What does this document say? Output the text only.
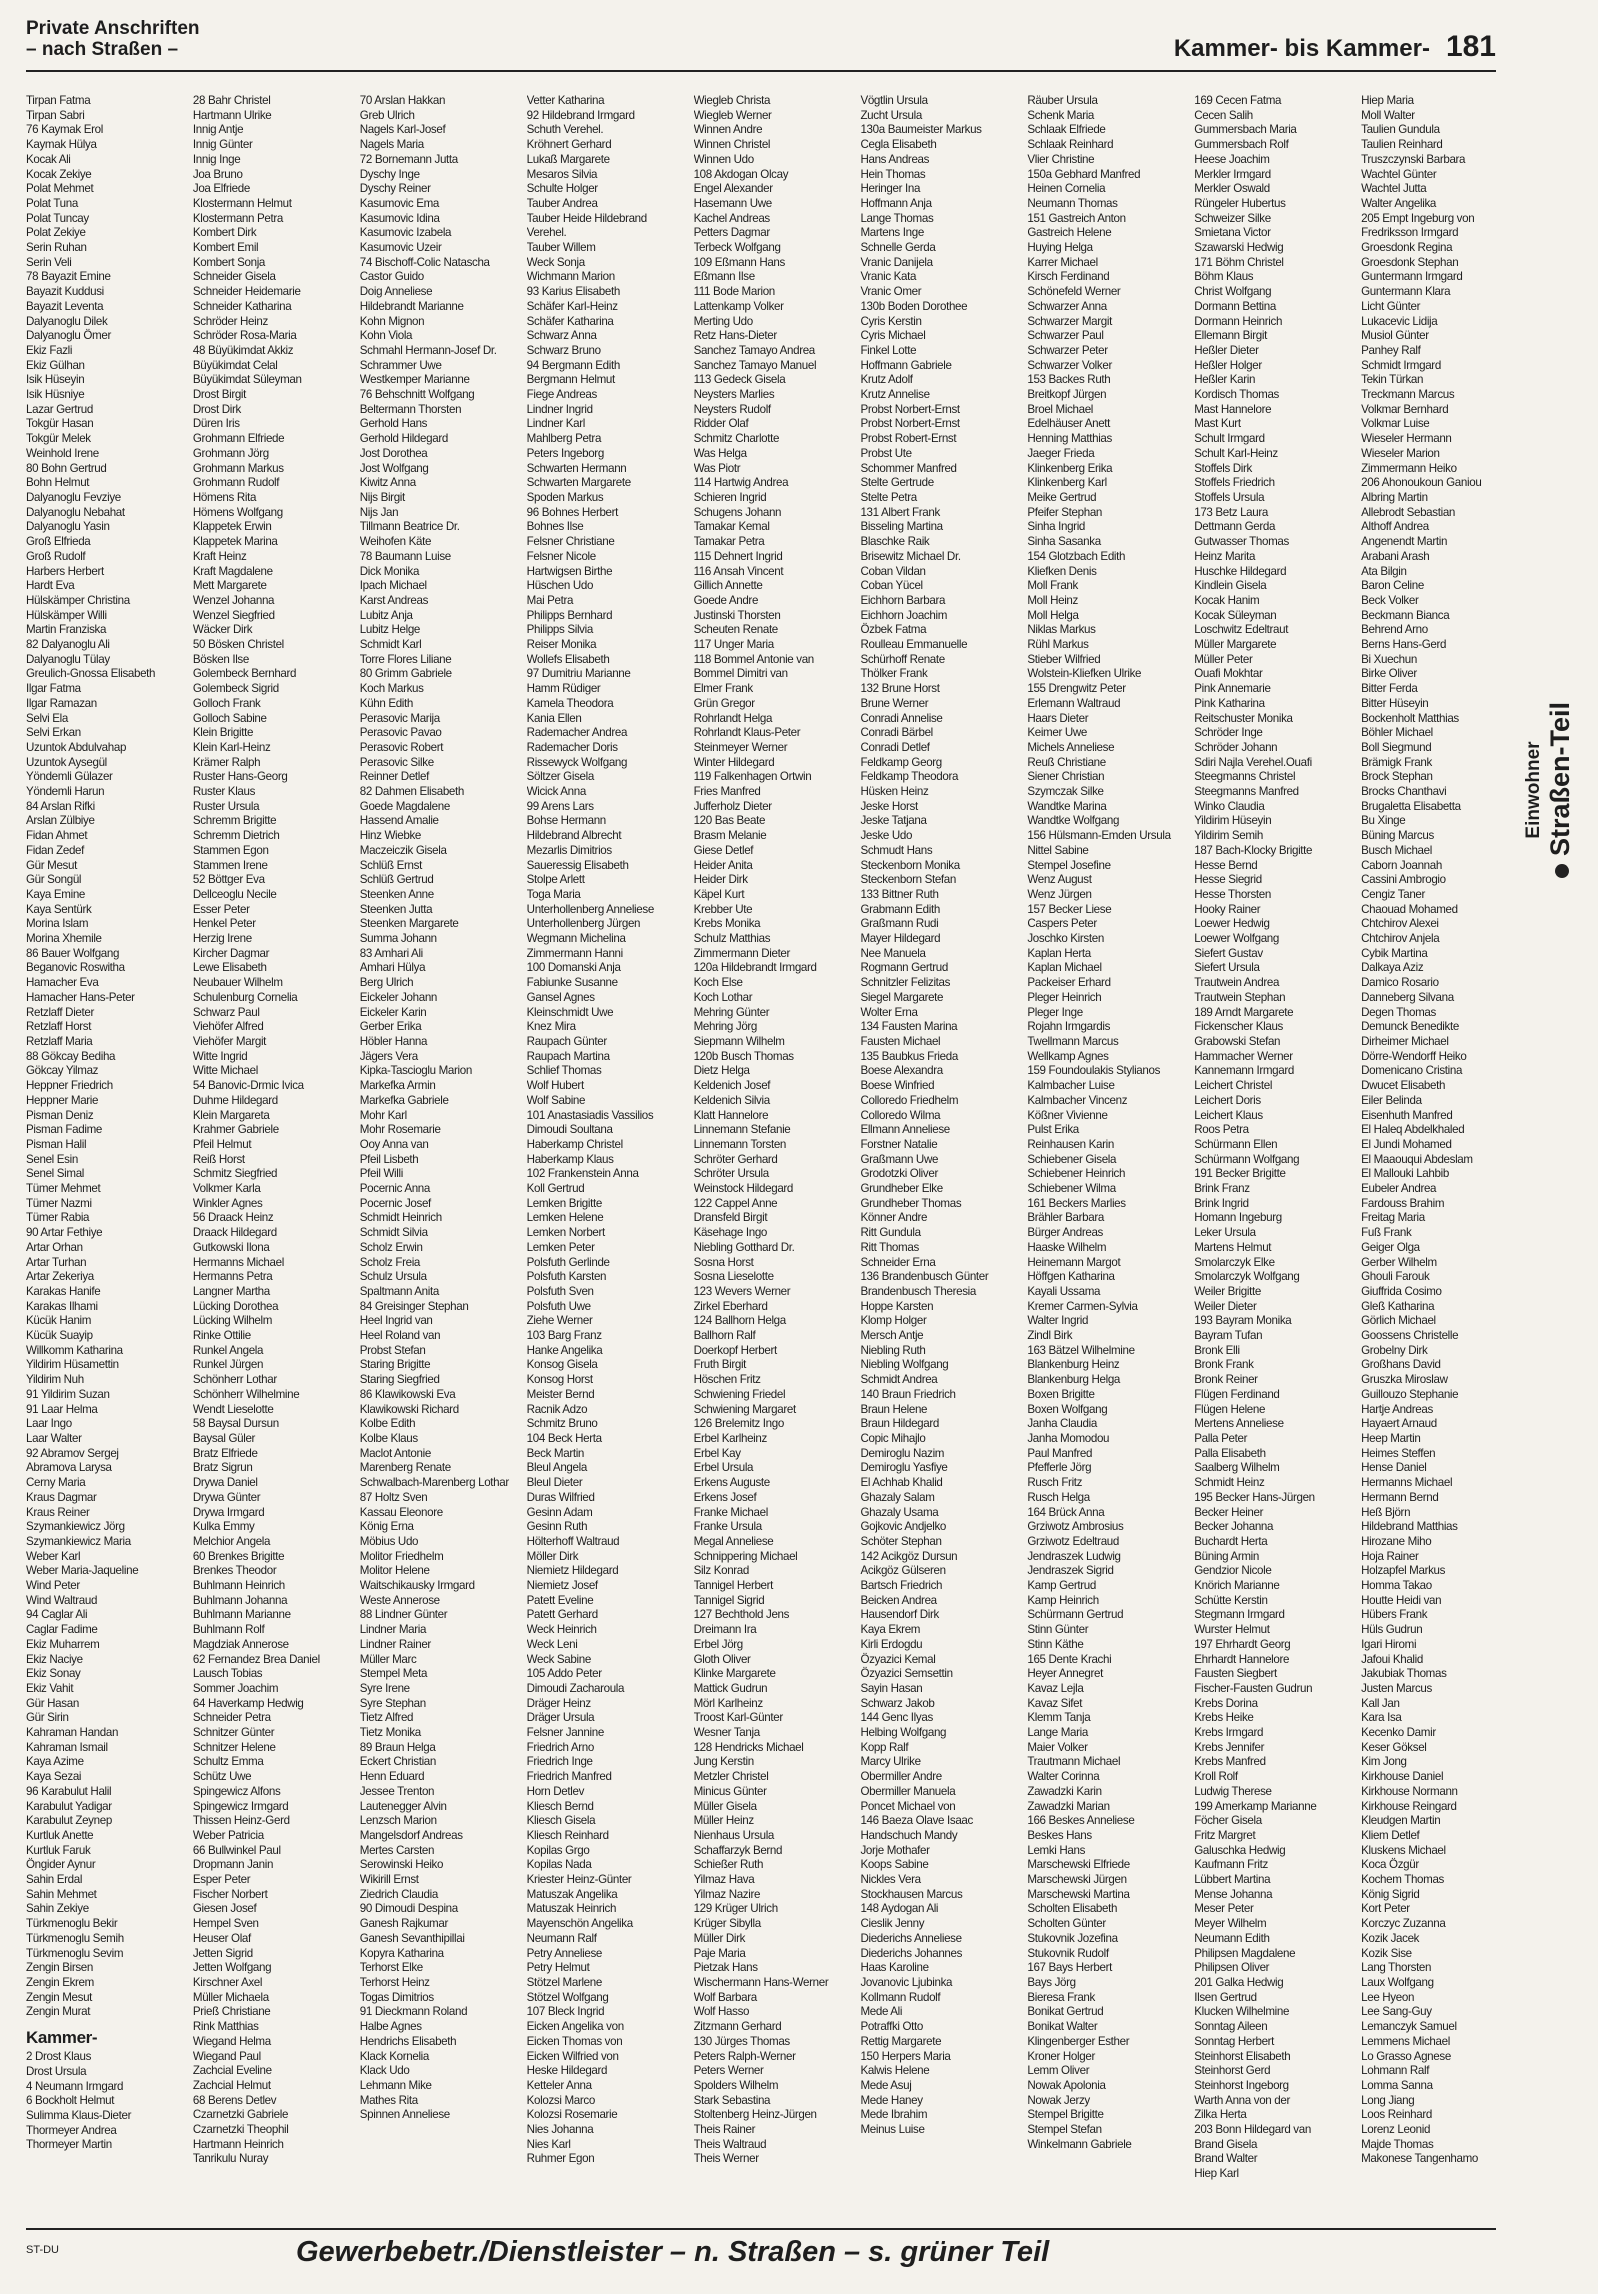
Private Anschriften
– nach Straßen –	Kammer- bis Kammer- 181
Tirpan Fatma
Tirpan Sabri
76 Kaymak Erol
Kaymak Hülya
Kocak Ali
Kocak Zekiye
Polat Mehmet
Polat Tuna
Polat Tuncay
Polat Zekiye
Serin Ruhan
Serin Veli
78 Bayazit Emine
Bayazit Kuddusi
Bayazit Leventa
Dalyanoglu Dilek
Dalyanoglu Ömer
Ekiz Fazli
Ekiz Gülhan
Isik Hüseyin
Isik Hüsniye
Lazar Gertrud
Tokgür Hasan
Tokgür Melek
Weinhold Irene
80 Bohn Gertrud
Bohn Helmut
Dalyanoglu Fevziye
Dalyanoglu Nebahat
Dalyanoglu Yasin
Groß Elfrieda
Groß Rudolf
Harbers Herbert
Hardt Eva
Hülskämper Christina
Hülskämper Willi
Martin Franziska
82 Dalyanoglu Ali
Dalyanoglu Tülay
Greulich-Gnossa Elisabeth
Ilgar Fatma
Ilgar Ramazan
Selvi Ela
Selvi Erkan
Uzuntok Abdulvahap
Uzuntok Aysegül
Yöndemli Gülazer
Yöndemli Harun
84 Arslan Rifki
Arslan Zülbiye
Fidan Ahmet
Fidan Zedef
Gür Mesut
Gür Songül
Kaya Emine
Kaya Sentürk
Morina Islam
Morina Xhemile
86 Bauer Wolfgang
Beganovic Roswitha
Hamacher Eva
Hamacher Hans-Peter
Retzlaff Dieter
Retzlaff Horst
Retzlaff Maria
88 Gökcay Bediha
Gökcay Yilmaz
Heppner Friedrich
Heppner Marie
Pisman Deniz
Pisman Fadime
Pisman Halil
Senel Esin
Senel Simal
Tümer Mehmet
Tümer Nazmi
Tümer Rabia
90 Artar Fethiye
Artar Orhan
Artar Turhan
Artar Zekeriya
Karakas Hanife
Karakas Ilhami
Kücük Hanim
Kücük Suayip
Willkomm Katharina
Yildirim Hüsamettin
Yildirim Nuh
91 Yildirim Suzan
91 Laar Helma
Laar Ingo
Laar Walter
92 Abramov Sergej
Abramova Larysa
Cerny Maria
Kraus Dagmar
Kraus Reiner
Szymankiewicz Jörg
Szymankiewicz Maria
Weber Karl
Weber Maria-Jaqueline
Wind Peter
Wind Waltraud
94 Caglar Ali
Caglar Fadime
Ekiz Muharrem
Ekiz Naciye
Ekiz Sonay
Ekiz Vahit
Gür Hasan
Gür Sirin
Kahraman Handan
Kahraman Ismail
Kaya Azime
Kaya Sezai
96 Karabulut Halil
Karabulut Yadigar
Karabulut Zeynep
Kurtluk Anette
Kurtluk Faruk
Öngider Aynur
Sahin Erdal
Sahin Mehmet
Sahin Zekiye
Türkmenoglu Bekir
Türkmenoglu Semih
Türkmenoglu Sevim
Zengin Birsen
Zengin Ekrem
Zengin Mesut
Zengin Murat
Kammer-
2 Drost Klaus
Drost Ursula
4 Neumann Irmgard
6 Bockholt Helmut
Sulimma Klaus-Dieter
Thormeyer Andrea
Thormeyer Martin
28 Bahr Christel
Hartmann Ulrike
Innig Antje
Innig Günter
Innig Inge
Joa Bruno
Joa Elfriede
Klostermann Helmut
Klostermann Petra
Kombert Dirk
Kombert Emil
Kombert Sonja
Schneider Gisela
Schneider Heidemarie
Schneider Katharina
Schröder Heinz
Schröder Rosa-Maria
48 Büyükimdat Akkiz
Büyükimdat Celal
Büyükimdat Süleyman
Drost Birgit
Drost Dirk
Düren Iris
Grohmann Elfriede
Grohmann Jörg
Grohmann Markus
Grohmann Rudolf
Hömens Rita
Hömens Wolfgang
Klappetek Erwin
Klappetek Marina
Kraft Heinz
Kraft Magdalene
Mett Margarete
Wenzel Johanna
Wenzel Siegfried
Wäcker Dirk
50 Bösken Christel
Bösken Ilse
Golembeck Bernhard
Golembeck Sigrid
Golloch Frank
Golloch Sabine
Klein Brigitte
Klein Karl-Heinz
Krämer Ralph
Ruster Hans-Georg
Ruster Klaus
Ruster Ursula
Schremm Brigitte
Schremm Dietrich
Stammen Egon
Stammen Irene
52 Böttger Eva
Dellceoglu Necile
Esser Peter
Henkel Peter
Herzig Irene
Kircher Dagmar
Lewe Elisabeth
Neubauer Wilhelm
Schulenburg Cornelia
Schwarz Paul
Viehöfer Alfred
Viehöfer Margit
Witte Ingrid
Witte Michael
54 Banovic-Drmic Ivica
Duhme Hildegard
Klein Margareta
Krahmer Gabriele
Pfeil Helmut
Reiß Horst
Schmitz Siegfried
Volkmer Karla
Winkler Agnes
56 Draack Heinz
Draack Hildegard
Gutkowski Ilona
Hermanns Michael
Hermanns Petra
Langner Martha
Lücking Dorothea
Lücking Wilhelm
Rinke Ottilie
Runkel Angela
Runkel Jürgen
Schönherr Lothar
Schönherr Wilhelmine
Wendt Lieselotte
58 Baysal Dursun
Baysal Güler
Bratz Elfriede
Bratz Sigrun
Drywa Daniel
Drywa Günter
Drywa Irmgard
Kulka Emmy
Melchior Angela
60 Brenkes Brigitte
Brenkes Theodor
Buhlmann Heinrich
Buhlmann Johanna
Buhlmann Marianne
Buhlmann Rolf
Magdziak Annerose
62 Fernandez Brea Daniel
Lausch Tobias
Sommer Joachim
64 Haverkamp Hedwig
Schneider Petra
Schnitzer Günter
Schnitzer Helene
Schultz Emma
Schütz Uwe
Spingewicz Alfons
Spingewicz Irmgard
Thissen Heinz-Gerd
Weber Patricia
66 Bullwinkel Paul
Dropmann Janin
Esper Peter
Fischer Norbert
Giesen Josef
Hempel Sven
Heuser Olaf
Jetten Sigrid
Jetten Wolfgang
Kirschner Axel
Müller Michaela
Prieß Christiane
Rink Matthias
Wiegand Helma
Wiegand Paul
Zachcial Eveline
Zachcial Helmut
68 Berens Detlev
Czarnetzki Gabriele
Czarnetzki Theophil
Hartmann Heinrich
Tanrikulu Nuray
70 Arslan Hakkan
Greb Ulrich
Nagels Karl-Josef
Nagels Maria
72 Bornemann Jutta
Dyschy Inge
Dyschy Reiner
Kasumovic Ema
Kasumovic Idina
Kasumovic Izabela
Kasumovic Uzeir
74 Bischoff-Colic Natascha
Castor Guido
Doig Anneliese
Hildebrandt Marianne
Kohn Mignon
Kohn Viola
Schmahl Hermann-Josef Dr.
Schrammer Uwe
Westkemper Marianne
76 Behschnitt Wolfgang
Beltermann Thorsten
Gerhold Hans
Gerhold Hildegard
Jost Dorothea
Jost Wolfgang
Kiwitz Anna
Nijs Birgit
Nijs Jan
Tillmann Beatrice Dr.
Weihofen Käte
78 Baumann Luise
Dick Monika
Ipach Michael
Karst Andreas
Lubitz Anja
Lubitz Helge
Schmidt Karl
Torre Flores Liliane
80 Grimm Gabriele
Koch Markus
Kühn Edith
Perasovic Marija
Perasovic Pavao
Perasovic Robert
Perasovic Silke
Reinner Detlef
82 Dahmen Elisabeth
Goede Magdalene
Hassend Amalie
Hinz Wiebke
Maczeiczik Gisela
Schlüß Ernst
Schlüß Gertrud
Steenken Anne
Steenken Jutta
Steenken Margarete
Summa Johann
83 Amhari Ali
Amhari Hülya
Berg Ulrich
Eickeler Johann
Eickeler Karin
Gerber Erika
Höbler Hanna
Jägers Vera
Kipka-Tascioglu Marion
Markefka Armin
Markefka Gabriele
Mohr Karl
Mohr Rosemarie
Ooy Anna van
Pfeil Lisbeth
Pfeil Willi
Pocernic Anna
Pocernic Josef
Schmidt Heinrich
Schmidt Silvia
Scholz Erwin
Scholz Freia
Schulz Ursula
Spaltmann Anita
84 Greisinger Stephan
Heel Ingrid van
Heel Roland van
Probst Stefan
Staring Brigitte
Staring Siegfried
86 Klawikowski Eva
Klawikowski Richard
Kolbe Edith
Kolbe Klaus
Maclot Antonie
Marenberg Renate
Schwalbach-Marenberg Lothar
87 Holtz Sven
Kassau Eleonore
König Erna
Möbius Udo
Molitor Friedhelm
Molitor Helene
Waitschikausky Irmgard
Weste Annerose
88 Lindner Günter
Lindner Maria
Lindner Rainer
Müller Marc
Stempel Meta
Syre Irene
Syre Stephan
Tietz Alfred
Tietz Monika
89 Braun Helga
Eckert Christian
Henn Eduard
Jessee Trenton
Lautenegger Alvin
Lenzsch Marion
Mangelsdorf Andreas
Mertes Carsten
Serowinski Heiko
Wikirill Ernst
Ziedrich Claudia
90 Dimoudi Despina
Ganesh Rajkumar
Ganesh Sevanthipillai
Kopyra Katharina
Terhorst Elke
Terhorst Heinz
Togas Dimitrios
91 Dieckmann Roland
Halbe Agnes
Hendrichs Elisabeth
Klack Kornelia
Klack Udo
Lehmann Mike
Mathes Rita
Spinnen Anneliese
Vetter Katharina
92 Hildebrand Irmgard
Schuth Verehel.
Kröhnert Gerhard
Lukaß Margarete
Mesaros Silvia
Schulte Holger
Tauber Andrea
Tauber Heide Hildebrand
Verehel.
Tauber Willem
Weck Sonja
Wichmann Marion
93 Karius Elisabeth
Schäfer Karl-Heinz
Schäfer Katharina
Schwarz Anna
Schwarz Bruno
94 Bergmann Edith
Bergmann Helmut
Fiege Andreas
Lindner Ingrid
Lindner Karl
Mahlberg Petra
Peters Ingeborg
Schwarten Hermann
Schwarten Margarete
Spoden Markus
96 Bohnes Herbert
Bohnes Ilse
Felsner Christiane
Felsner Nicole
Hartwigsen Birthe
Hüschen Udo
Mai Petra
Philipps Bernhard
Philipps Silvia
Reiser Monika
Wollefs Elisabeth
97 Dumitriu Marianne
Hamm Rüdiger
Kamela Theodora
Kania Ellen
Rademacher Andrea
Rademacher Doris
Rissewyck Wolfgang
Söltzer Gisela
Wicick Anna
99 Arens Lars
Bohse Hermann
Hildebrand Albrecht
Mezarlis Dimitrios
Saueressig Elisabeth
Stolpe Arlett
Toga Maria
Unterhollenberg Anneliese
Unterhollenberg Jürgen
Wegmann Michelina
Zimmermann Hanni
100 Domanski Anja
Fabiunke Susanne
Gansel Agnes
Kleinschmidt Uwe
Knez Mira
Raupach Günter
Raupach Martina
Schlief Thomas
Wolf Hubert
Wolf Sabine
101 Anastasiadis Vassilios
Dimoudi Soultana
Haberkamp Christel
Haberkamp Klaus
102 Frankenstein Anna
Koll Gertrud
Lemken Brigitte
Lemken Helene
Lemken Norbert
Lemken Peter
Polsfuth Gerlinde
Polsfuth Karsten
Polsfuth Sven
Polsfuth Uwe
Ziehe Werner
103 Barg Franz
Hanke Angelika
Konsog Gisela
Konsog Horst
Meister Bernd
Racnik Adzo
Schmitz Bruno
104 Beck Herta
Beck Martin
Bleul Angela
Bleul Dieter
Duras Wilfried
Gesinn Adam
Gesinn Ruth
Hölterhoff Waltraud
Möller Dirk
Niemietz Hildegard
Niemietz Josef
Patett Eveline
Patett Gerhard
Weck Heinrich
Weck Leni
Weck Sabine
105 Addo Peter
Dimoudi Zacharoula
Dräger Heinz
Dräger Ursula
Felsner Jannine
Friedrich Arno
Friedrich Inge
Friedrich Manfred
Horn Detlev
Kliesch Bernd
Kliesch Gisela
Kliesch Reinhard
Kopilas Grgo
Kopilas Nada
Kriester Heinz-Günter
Matuszak Angelika
Matuszak Heinrich
Mayenschön Angelika
Neumann Ralf
Petry Anneliese
Petry Helmut
Stötzel Marlene
Stötzel Wolfgang
107 Bleck Ingrid
Eicken Angelika von
Eicken Thomas von
Eicken Wilfried von
Heske Hildegard
Ketteler Anna
Kolozsi Marco
Kolozsi Rosemarie
Nies Johanna
Nies Karl
Ruhmer Egon
Wiegleb Christa
Wiegleb Werner
Winnen Andre
Winnen Christel
Winnen Udo
108 Akdogan Olcay
Engel Alexander
Hasemann Uwe
Kachel Andreas
Petters Dagmar
Terbeck Wolfgang
109 Eßmann Hans
Eßmann Ilse
111 Bode Marion
Lattenkamp Volker
Merting Udo
Retz Hans-Dieter
Sanchez Tamayo Andrea
Sanchez Tamayo Manuel
113 Gedeck Gisela
Neysters Marlies
Neysters Rudolf
Ridder Olaf
Schmitz Charlotte
Was Helga
Was Piotr
114 Hartwig Andrea
Schieren Ingrid
Schugens Johann
Tamakar Kemal
Tamakar Petra
115 Dehnert Ingrid
116 Ansah Vincent
Gillich Annette
Goede Andre
Justinski Thorsten
Scheuten Renate
117 Unger Maria
118 Bommel Antonie van
Bommel Dimitri van
Elmer Frank
Grün Gregor
Rohrlandt Helga
Rohrlandt Klaus-Peter
Steinmeyer Werner
Winter Hildegard
119 Falkenhagen Ortwin
Fries Manfred
Jufferholz Dieter
120 Bas Beate
Brasm Melanie
Giese Detlef
Heider Anita
Heider Dirk
Käpel Kurt
Krebber Ute
Krebs Monika
Schulz Matthias
Zimmermann Dieter
120a Hildebrandt Irmgard
Koch Else
Koch Lothar
Mehring Günter
Mehring Jörg
Siepmann Wilhelm
120b Busch Thomas
Dietz Helga
Keldenich Josef
Keldenich Silvia
Klatt Hannelore
Linnemann Stefanie
Linnemann Torsten
Schröter Gerhard
Schröter Ursula
Weinstock Hildegard
122 Cappel Anne
Dransfeld Birgit
Käsehage Ingo
Niebling Gotthard Dr.
Sosna Horst
Sosna Lieselotte
123 Wevers Werner
Zirkel Eberhard
124 Ballhorn Helga
Ballhorn Ralf
Doerkopf Herbert
Fruth Birgit
Höschen Fritz
Schwiening Friedel
Schwiening Margaret
126 Brelemitz Ingo
Erbel Karlheinz
Erbel Kay
Erbel Ursula
Erkens Auguste
Erkens Josef
Franke Michael
Franke Ursula
Megal Anneliese
Schnippering Michael
Silz Konrad
Tannigel Herbert
Tannigel Sigrid
127 Bechthold Jens
Dreimann Ira
Erbel Jörg
Gloth Oliver
Klinke Margarete
Mattick Gudrun
Mörl Karlheinz
Troost Karl-Günter
Wesner Tanja
128 Hendricks Michael
Jung Kerstin
Metzler Christel
Minicus Günter
Müller Gisela
Müller Heinz
Nienhaus Ursula
Schaffarzyk Bernd
Schießer Ruth
Yilmaz Hava
Yilmaz Nazire
129 Krüger Ulrich
Krüger Sibylla
Müller Dirk
Paje Maria
Pietzak Hans
Wischermann Hans-Werner
Wolf Barbara
Wolf Hasso
Zitzmann Gerhard
130 Jürges Thomas
Peters Ralph-Werner
Peters Werner
Spolders Wilhelm
Stark Sebastina
Stoltenberg Heinz-Jürgen
Theis Rainer
Theis Waltraud
Theis Werner
Vögtlin Ursula
Zucht Ursula
130a Baumeister Markus
Cegla Elisabeth
Hans Andreas
Hein Thomas
Heringer Ina
Hoffmann Anja
Lange Thomas
Martens Inge
Schnelle Gerda
Vranic Danijela
Vranic Kata
Vranic Omer
130b Boden Dorothee
Cyris Kerstin
Cyris Michael
Finkel Lotte
Hoffmann Gabriele
Krutz Adolf
Krutz Annelise
Probst Norbert-Ernst
Probst Norbert-Ernst
Probst Robert-Ernst
Probst Ute
Schommer Manfred
Stelte Gertrude
Stelte Petra
131 Albert Frank
Bisseling Martina
Blaschke Raik
Brisewitz Michael Dr.
Coban Vildan
Coban Yücel
Eichhorn Barbara
Eichhorn Joachim
Özbek Fatma
Roulleau Emmanuelle
Schürhoff Renate
Thölker Frank
132 Brune Horst
Brune Werner
Conradi Annelise
Conradi Bärbel
Conradi Detlef
Feldkamp Georg
Feldkamp Theodora
Hüsken Heinz
Jeske Horst
Jeske Tatjana
Jeske Udo
Schmudt Hans
Steckenborn Monika
Steckenborn Stefan
133 Bittner Ruth
Grabmann Edith
Graßmann Rudi
Mayer Hildegard
Nee Manuela
Rogmann Gertrud
Schnitzler Felizitas
Siegel Margarete
Wolter Erna
134 Fausten Marina
Fausten Michael
135 Baubkus Frieda
Boese Alexandra
Boese Winfried
Colloredo Friedhelm
Colloredo Wilma
Ellmann Anneliese
Forstner Natalie
Graßmann Uwe
Grodotzki Oliver
Grundheber Elke
Grundheber Thomas
Könner Andre
Ritt Gundula
Ritt Thomas
Schneider Erna
136 Brandenbusch Günter
Brandenbusch Theresia
Hoppe Karsten
Klomp Holger
Mersch Antje
Niebling Ruth
Niebling Wolfgang
Schmidt Andrea
140 Braun Friedrich
Braun Helene
Braun Hildegard
Copic Mihajlo
Demiroglu Nazim
Demiroglu Yasfiye
El Achhab Khalid
Ghazaly Salam
Ghazaly Usama
Gojkovic Andjelko
Schöter Stephan
142 Acikgöz Dursun
Acikgöz Gülseren
Bartsch Friedrich
Beicken Andrea
Hausendorf Dirk
Kaya Ekrem
Kirli Erdogdu
Özyazici Kemal
Özyazici Semsettin
Sayin Hasan
Schwarz Jakob
144 Genc Ilyas
Helbing Wolfgang
Kopp Ralf
Marcy Ulrike
Obermiller Andre
Obermiller Manuela
Poncet Michael von
146 Baeza Olave Isaac
Handschuch Mandy
Jorje Mothafer
Koops Sabine
Nickles Vera
Stockhausen Marcus
148 Aydogan Ali
Cieslik Jenny
Diederichs Anneliese
Diederichs Johannes
Haas Karoline
Jovanovic Ljubinka
Kollmann Rudolf
Mede Ali
Potraffki Otto
Rettig Margarete
150 Herpers Maria
Kalwis Helene
Mede Asuj
Mede Haney
Mede Ibrahim
Meinus Luise
Räuber Ursula
Schenk Maria
Schlaak Elfriede
Schlaak Reinhard
Vlier Christine
150a Gebhard Manfred
Heinen Cornelia
Neumann Thomas
151 Gastreich Anton
Gastreich Helene
Huying Helga
Karrer Michael
Kirsch Ferdinand
Schönefeld Werner
Schwarzer Anna
Schwarzer Margit
Schwarzer Paul
Schwarzer Peter
Schwarzer Volker
153 Backes Ruth
Breitkopf Jürgen
Broel Michael
Edelhäuser Anett
Henning Matthias
Jaeger Frieda
Klinkenberg Erika
Klinkenberg Karl
Meike Gertrud
Pfeifer Stephan
Sinha Ingrid
Sinha Sasanka
154 Glotzbach Edith
Kliefken Denis
Moll Frank
Moll Heinz
Moll Helga
Niklas Markus
Rühl Markus
Stieber Wilfried
Wolstein-Kliefken Ulrike
155 Drengwitz Peter
Erlemann Waltraud
Haars Dieter
Keimer Uwe
Michels Anneliese
Reuß Christiane
Siener Christian
Szymczak Silke
Wandtke Marina
Wandtke Wolfgang
156 Hülsmann-Emden Ursula
Nittel Sabine
Stempel Josefine
Wenz August
Wenz Jürgen
157 Becker Liese
Caspers Peter
Joschko Kirsten
Kaplan Herta
Kaplan Michael
Packeiser Erhard
Pleger Heinrich
Pleger Inge
Rojahn Irmgardis
Twellmann Marcus
Wellkamp Agnes
159 Foundoulakis Stylianos
Kalmbacher Luise
Kalmbacher Vincenz
Kößner Vivienne
Pulst Erika
Reinhausen Karin
Schiebener Gisela
Schiebener Heinrich
Schiebener Wilma
161 Beckers Marlies
Brähler Barbara
Bürger Andreas
Haaske Wilhelm
Heinemann Margot
Höffgen Katharina
Kayali Ussama
Kremer Carmen-Sylvia
Walter Ingrid
Zindl Birk
163 Bätzel Wilhelmine
Blankenburg Heinz
Blankenburg Helga
Boxen Brigitte
Boxen Wolfgang
Janha Claudia
Janha Momodou
Paul Manfred
Pfefferle Jörg
Rusch Fritz
Rusch Helga
164 Brück Anna
Grziwotz Ambrosius
Grziwotz Edeltraud
Jendraszek Ludwig
Jendraszek Sigrid
Kamp Gertrud
Kamp Heinrich
Schürmann Gertrud
Stinn Günter
Stinn Käthe
165 Dente Krachi
Heyer Annegret
Kavaz Lejla
Kavaz Sifet
Klemm Tanja
Lange Maria
Maier Volker
Trautmann Michael
Walter Corinna
Zawadzki Karin
Zawadzki Marian
166 Beskes Anneliese
Beskes Hans
Lemki Hans
Marschewski Elfriede
Marschewski Jürgen
Marschewski Martina
Scholten Elisabeth
Scholten Günter
Stukovnik Jozefina
Stukovnik Rudolf
167 Bays Herbert
Bays Jörg
Bieresa Frank
Bonikat Gertrud
Bonikat Walter
Klingenberger Esther
Kroner Holger
Lemm Oliver
Nowak Apolonia
Nowak Jerzy
Stempel Brigitte
Stempel Stefan
Winkelmann Gabriele
169 Cecen Fatma
Cecen Salih
Gummersbach Maria
Gummersbach Rolf
Heese Joachim
Merkler Irmgard
Merkler Oswald
Rüngeler Hubertus
Schweizer Silke
Smietana Victor
Szawarski Hedwig
171 Böhm Christel
Böhm Klaus
Christ Wolfgang
Dormann Bettina
Dormann Heinrich
Ellemann Birgit
Heßler Dieter
Heßler Holger
Heßler Karin
Kordisch Thomas
Mast Hannelore
Mast Kurt
Schult Irmgard
Schult Karl-Heinz
Stoffels Dirk
Stoffels Friedrich
Stoffels Ursula
173 Betz Laura
Dettmann Gerda
Gutwasser Thomas
Heinz Marita
Huschke Hildegard
Kindlein Gisela
Kocak Hanim
Kocak Süleyman
Loschwitz Edeltraut
Müller Margarete
Müller Peter
Ouafi Mokhtar
Pink Annemarie
Pink Katharina
Reitschuster Monika
Schröder Inge
Schröder Johann
Sdiri Najla Verehel.Ouafi
Steegmanns Christel
Steegmanns Manfred
Winko Claudia
Yildirim Hüseyin
Yildirim Semih
187 Bach-Klocky Brigitte
Hesse Bernd
Hesse Siegrid
Hesse Thorsten
Hooky Rainer
Loewer Hedwig
Loewer Wolfgang
Siefert Gustav
Siefert Ursula
Trautwein Andrea
Trautwein Stephan
189 Arndt Margarete
Fickenscher Klaus
Grabowski Stefan
Hammacher Werner
Kannemann Irmgard
Leichert Christel
Leichert Doris
Leichert Klaus
Roos Petra
Schürmann Ellen
Schürmann Wolfgang
191 Becker Brigitte
Brink Franz
Brink Ingrid
Homann Ingeburg
Leker Ursula
Martens Helmut
Smolarczyk Elke
Smolarczyk Wolfgang
Weiler Brigitte
Weiler Dieter
193 Bayram Monika
Bayram Tufan
Bronk Elli
Bronk Frank
Bronk Reiner
Flügen Ferdinand
Flügen Helene
Mertens Anneliese
Palla Peter
Palla Elisabeth
Saalberg Wilhelm
Schmidt Heinz
195 Becker Hans-Jürgen
Becker Heiner
Becker Johanna
Buchardt Herta
Büning Armin
Gendzior Nicole
Knörich Marianne
Schütte Kerstin
Stegmann Irmgard
Wurster Helmut
197 Ehrhardt Georg
Ehrhardt Hannelore
Fausten Siegbert
Fischer-Fausten Gudrun
Krebs Dorina
Krebs Heike
Krebs Irmgard
Krebs Jennifer
Krebs Manfred
Kroll Rolf
Ludwig Therese
199 Amerkamp Marianne
Föcher Gisela
Fritz Margret
Galuschka Hedwig
Kaufmann Fritz
Lübbert Martina
Mense Johanna
Meser Peter
Meyer Wilhelm
Neumann Edith
Philipsen Magdalene
Philipsen Oliver
201 Galka Hedwig
Ilsen Gertrud
Klucken Wilhelmine
Sonntag Aileen
Sonntag Herbert
Steinhorst Elisabeth
Steinhorst Gerd
Steinhorst Ingeborg
Warth Anna von der
Zilka Herta
203 Bonn Hildegard van
Brand Gisela
Brand Walter
Hiep Karl
Hiep Maria
Moll Walter
Taulien Gundula
Taulien Reinhard
Truszczynski Barbara
Wachtel Günter
Wachtel Jutta
Walter Angelika
205 Empt Ingeburg von
Fredriksson Irmgard
Groesdonk Regina
Groesdonk Stephan
Guntermann Irmgard
Guntermann Klara
Licht Günter
Lukacevic Lidija
Musiol Günter
Panhey Ralf
Schmidt Irmgard
Tekin Türkan
Treckmann Marcus
Volkmar Bernhard
Volkmar Luise
Wieseler Hermann
Wieseler Marion
Zimmermann Heiko
206 Ahonoukoun Ganiou
Albring Martin
Allebrodt Sebastian
Althoff Andrea
Angenendt Martin
Arabani Arash
Ata Bilgin
Baron Celine
Beck Volker
Beckmann Bianca
Behrend Arno
Berns Hans-Gerd
Bi Xuechun
Birke Oliver
Bitter Ferda
Bitter Hüseyin
Bockenholt Matthias
Böhler Michael
Boll Siegmund
Brämigk Frank
Brock Stephan
Brocks Chanthavi
Brugaletta Elisabetta
Bu Xinge
Büning Marcus
Busch Michael
Caborn Joannah
Cassini Ambrogio
Cengiz Taner
Chaouad Mohamed
Chtchirov Alexei
Chtchirov Anjela
Cybik Martina
Dalkaya Aziz
Damico Rosario
Danneberg Silvana
Degen Thomas
Demunck Benedikte
Dirheimer Michael
Dörre-Wendorff Heiko
Domenicano Cristina
Dwucet Elisabeth
Eiler Belinda
Eisenhuth Manfred
El Haleq Abdelkhaled
El Jundi Mohamed
El Maaouqui Abdeslam
El Mallouki Lahbib
Eubeler Andrea
Fardouss Brahim
Freitag Maria
Fuß Frank
Geiger Olga
Gerber Wilhelm
Ghouli Farouk
Giuffrida Cosimo
Gleß Katharina
Görlich Michael
Goossens Christelle
Grobelny Dirk
Großhans David
Gruszka Miroslaw
Guillouzo Stephanie
Hartje Andreas
Hayaert Arnaud
Heep Martin
Heimes Steffen
Hense Daniel
Hermanns Michael
Hermann Bernd
Heß Björn
Hildebrand Matthias
Hirozane Miho
Hoja Rainer
Holzapfel Markus
Homma Takao
Houtte Heidi van
Hübers Frank
Hüls Gudrun
Igari Hiromi
Jafoui Khalid
Jakubiak Thomas
Justen Marcus
Kall Jan
Kara Isa
Kecenko Damir
Keser Göksel
Kim Jong
Kirkhouse Daniel
Kirkhouse Normann
Kirkhouse Reingard
Kleudgen Martin
Kliem Detlef
Kluskens Michael
Koca Özgür
Kochem Thomas
König Sigrid
Kort Peter
Korczyc Zuzanna
Kozik Jacek
Kozik Sise
Lang Thorsten
Laux Wolfgang
Lee Hyeon
Lee Sang-Guy
Lemanczyk Samuel
Lemmens Michael
Lo Grasso Agnese
Lohmann Ralf
Lomma Sanna
Long Jiang
Loos Reinhard
Lorenz Leonid
Majde Thomas
Makonese Tangenhamo
Einwohner Straßen-Teil
ST-DU	Gewerbebetr./Dienstleister – n. Straßen – s. grüner Teil
